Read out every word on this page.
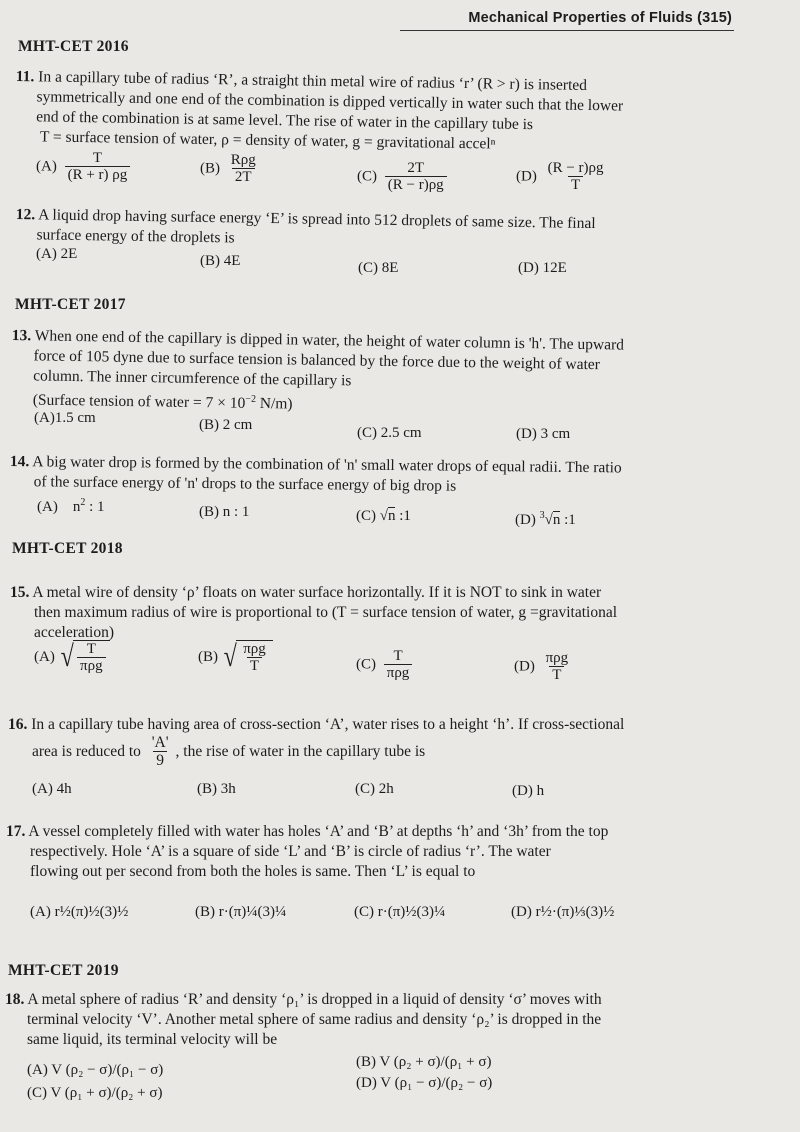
Mechanical Properties of Fluids (315)
MHT-CET 2016
11. In a capillary tube of radius ‘R’, a straight thin metal wire of radius ‘r’ (R > r) is inserted
symmetrically and one end of the combination is dipped vertically in water such that the lower
end of the combination is at same level. The rise of water in the capillary tube is
T = surface tension of water, ρ = density of water, g = gravitational accelⁿ
$(A) \frac{T}{(R + r) \rho g}$	$(B) \frac{\text{Rρg}}{2T}$	$(C) \frac{2T}{(R - r)\rho g}$	$(D) \frac{(R - r)\rho g}{T}$
12. A liquid drop having surface energy ‘E’ is spread into 512 droplets of same size. The final
surface energy of the droplets is
(A) 2E	(B) 4E	(C) 8E	(D) 12E
MHT-CET 2017
13. When one end of the capillary is dipped in water, the height of water column is 'h'. The upward
force of 105 dyne due to surface tension is balanced by the force due to the weight of water
column. The inner circumference of the capillary is
(Surface tension of water = $7 \times 10^{-2}$ N/m)
(A)1.5 cm	(B) 2 cm	(C) 2.5 cm	(D) 3 cm
14. A big water drop is formed by the combination of 'n' small water drops of equal radii. The ratio
of the surface energy of 'n' drops to the surface energy of big drop is
(A) $n^2$ : 1	(B) n : 1	(C) √n :1	(D) $^3$√n :1
MHT-CET 2018
15. A metal wire of density ‘ρ’ floats on water surface horizontally. If it is NOT to sink in water
then maximum radius of wire is proportional to (T = surface tension of water, g =gravitational
acceleration)
(A) √ $\frac{T}{\text{πρg}}$	(B) √ $\frac{\text{πρg}}{T}$	$(C) \frac{T}{\text{πρg}}$	$(D) \frac{\text{πρg}}{T}$
16. In a capillary tube having area of cross-section ‘A’, water rises to a height ‘h’. If cross-sectional
area is reduced to $\frac{'A'}{9}$ , the rise of water in the capillary tube is
(A) 4h	(B) 3h	(C) 2h	(D) h
17. A vessel completely filled with water has holes ‘A’ and ‘B’ at depths ‘h’ and ‘3h’ from the top
respectively. Hole ‘A’ is a square of side ‘L’ and ‘B’ is circle of radius ‘r’. The water
flowing out per second from both the holes is same. Then ‘L’ is equal to
(A) r½(π)½(3)½	(B) r·(π)¼(3)¼	(C) r·(π)½(3)¼	(D) r½·(π)⅓(3)½
MHT-CET 2019
18. A metal sphere of radius ‘R’ and density ‘ρ₁’ is dropped in a liquid of density ‘σ’ moves with
terminal velocity ‘V’. Another metal sphere of same radius and density ‘ρ₂’ is dropped in the
same liquid, its terminal velocity will be
(A) V (ρ₂ − σ)/(ρ₁ − σ)	(B) V (ρ₂ + σ)/(ρ₁ + σ)
(C) V (ρ₁ + σ)/(ρ₂ + σ)
(D) V (ρ₁ − σ)/(ρ₂ − σ)
